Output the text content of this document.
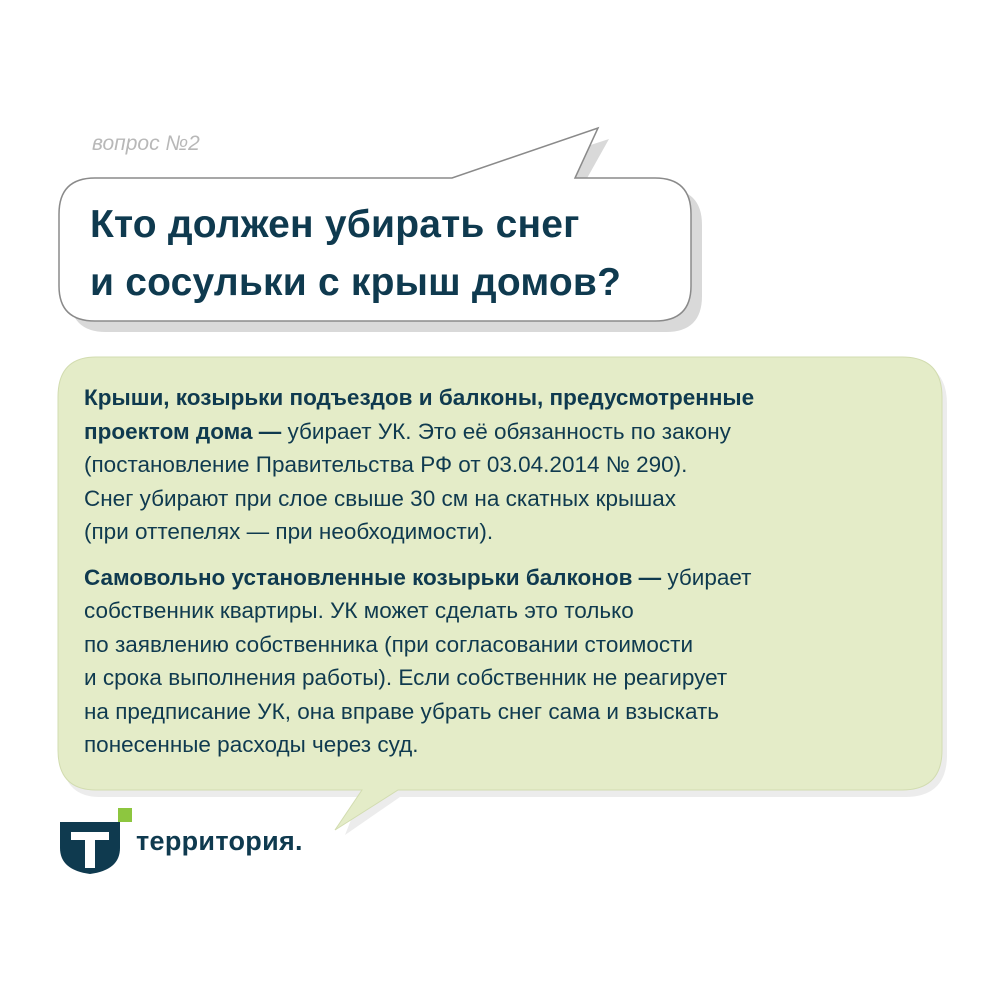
вопрос №2
Кто должен убирать снег
и сосульки с крыш домов?
Крыши, козырьки подъездов и балконы, предусмотренные
проектом дома — убирает УК. Это её обязанность по закону
(постановление Правительства РФ от 03.04.2014 № 290).
Снег убирают при слое свыше 30 см на скатных крышах
(при оттепелях — при необходимости).
Самовольно установленные козырьки балконов — убирает
собственник квартиры. УК может сделать это только
по заявлению собственника (при согласовании стоимости
и срока выполнения работы). Если собственник не реагирует
на предписание УК, она вправе убрать снег сама и взыскать
понесенные расходы через суд.
территория.
